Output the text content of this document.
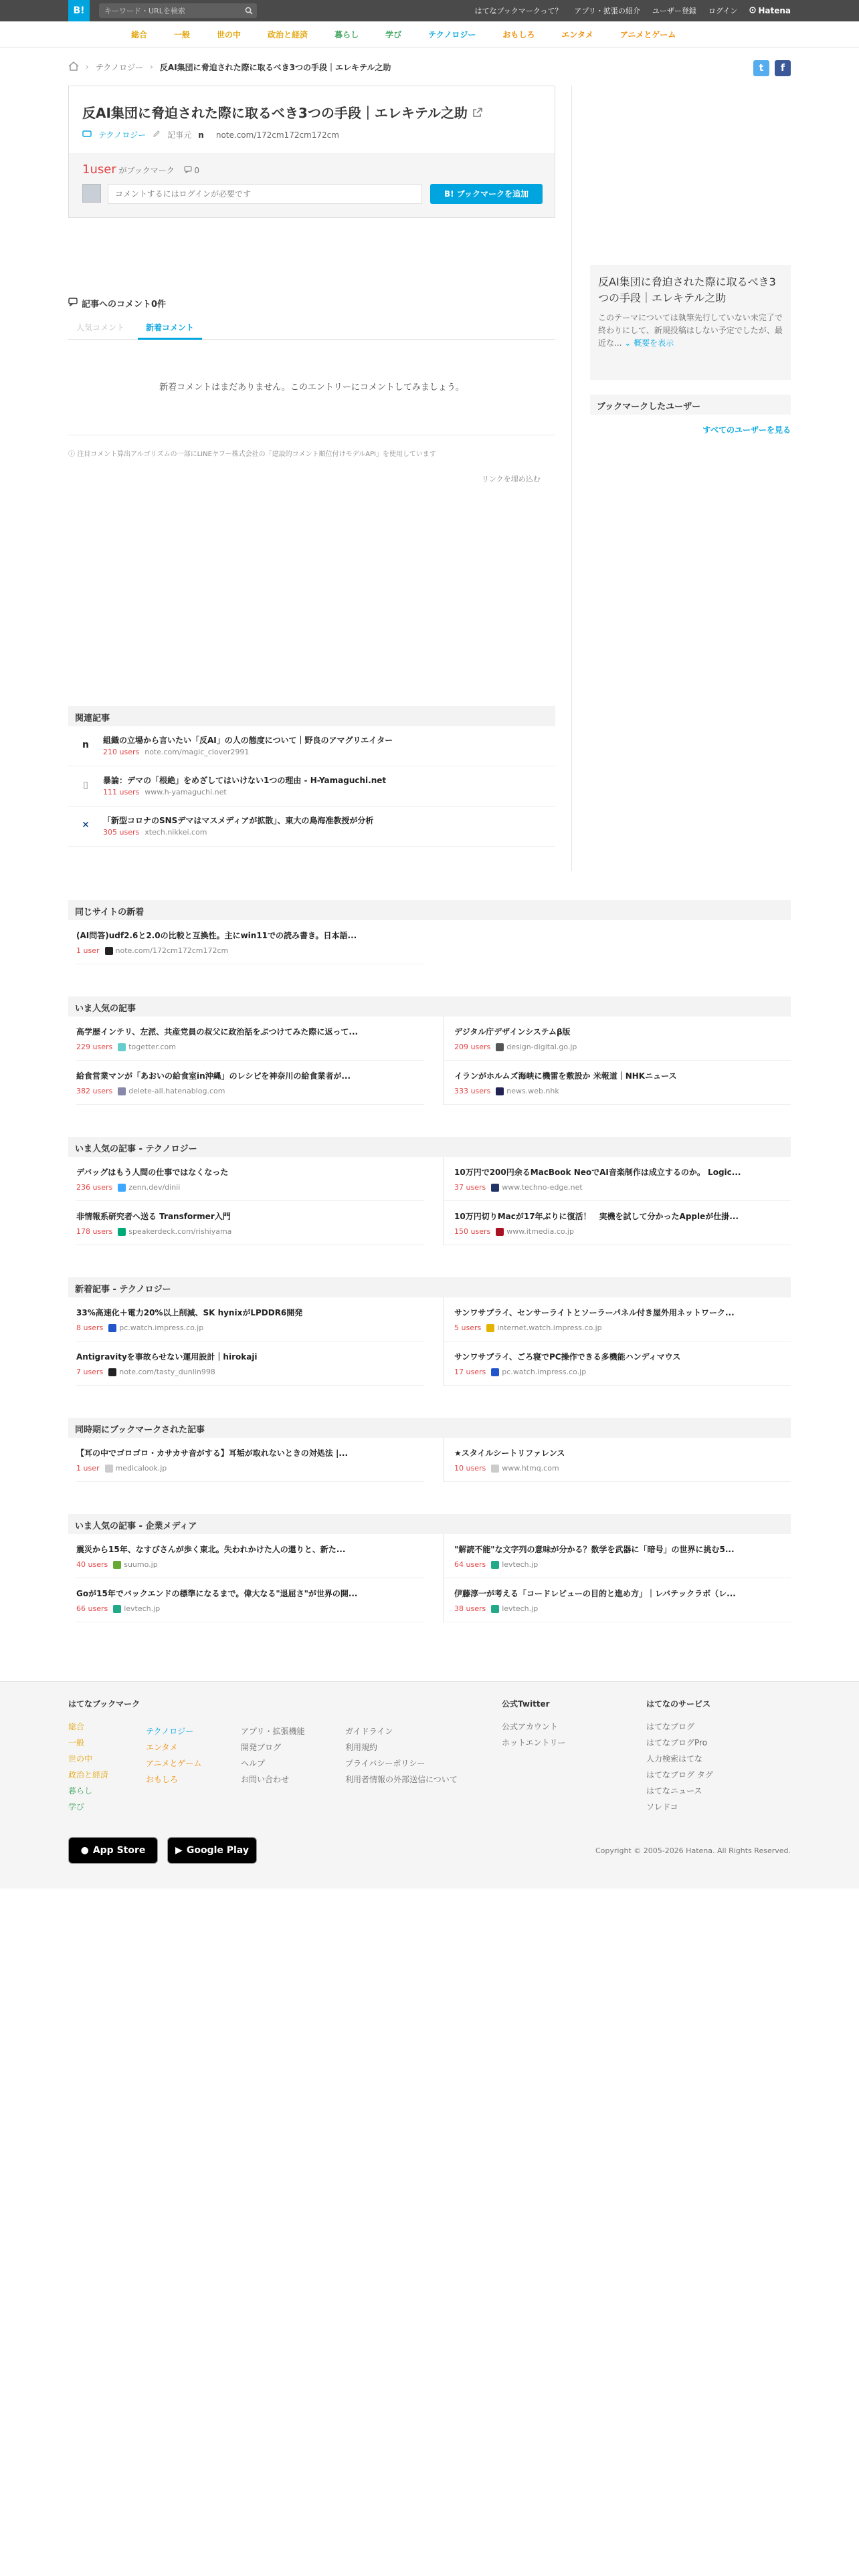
B!
キーワード・URLを検索	はてなブックマークって？ アプリ・拡張の紹介 ユーザー登録 ログイン	Hatena
総合	一般	世の中	政治と経済	暮らし	学び	テクノロジー	おもしろ	エンタメ	アニメとゲーム
› テクノロジー › 反AI集団に脅迫された際に取るべき3つの手段｜エレキテル之助	t	f
反AI集団に脅迫された際に取るべき3つの手段｜エレキテル之助
テクノロジー	記事元 n note.com/172cm172cm172cm
1user がブックマーク 0
コメントするにはログインが必要です
B! ブックマークを追加
反AI集団に脅迫された際に取るべき3つの手段｜エレキテル之助
このテーマについては執筆先行していない未完了で終わりにして、新規投稿はしない予定でしたが、最近な... ⌄ 概要を表示
ブックマークしたユーザー
すべてのユーザーを見る
記事へのコメント0件
人気コメント	新着コメント
新着コメントはまだありません。このエントリーにコメントしてみましょう。
ⓘ 注目コメント算出アルゴリズムの一部にLINEヤフー株式会社の「建設的コメント順位付けモデルAPI」を使用しています
リンクを埋め込む
関連記事
n	組織の立場から言いたい「反AI」の人の態度について｜野良のアマグリエイター
210 users note.com/magic_clover2991
▯	暴論：デマの「根絶」をめざしてはいけない1つの理由 - H-Yamaguchi.net
111 users www.h-yamaguchi.net
✕	「新型コロナのSNSデマはマスメディアが拡散」、東大の鳥海准教授が分析
305 users xtech.nikkei.com
同じサイトの新着
(AI問答)udf2.6と2.0の比較と互換性。主にwin11での読み書き。日本語...
1 user note.com/172cm172cm172cm
いま人気の記事
高学歴インテリ、左派、共産党員の叔父に政治話をぶつけてみた際に返って...
229 users togetter.com
デジタル庁デザインシステムβ版
209 users design-digital.go.jp
給食営業マンが「あおいの給食室in沖縄」のレシピを神奈川の給食業者が...
382 users delete-all.hatenablog.com
イランがホルムズ海峡に機雷を敷設か 米報道｜NHKニュース
333 users news.web.nhk
いま人気の記事 - テクノロジー
デバッグはもう人間の仕事ではなくなった
236 users zenn.dev/dinii
10万円で200円余るMacBook NeoでAI音楽制作は成立するのか。 Logic...
37 users www.techno-edge.net
非情報系研究者へ送る Transformer入門
178 users speakerdeck.com/rishiyama
10万円切りMacが17年ぶりに復活！　実機を試して分かったAppleが仕掛...
150 users www.itmedia.co.jp
新着記事 - テクノロジー
33%高速化＋電力20%以上削減、SK hynixがLPDDR6開発
8 users pc.watch.impress.co.jp
サンワサプライ、センサーライトとソーラーパネル付き屋外用ネットワーク...
5 users internet.watch.impress.co.jp
Antigravityを事故らせない運用設計｜hirokaji
7 users note.com/tasty_dunlin998
サンワサプライ、ごろ寝でPC操作できる多機能ハンディマウス
17 users pc.watch.impress.co.jp
同時期にブックマークされた記事
【耳の中でゴロゴロ・カサカサ音がする】耳垢が取れないときの対処法 |...
1 user medicalook.jp
★スタイルシートリファレンス
10 users www.htmq.com
いま人気の記事 - 企業メディア
震災から15年、なすびさんが歩く東北。失われかけた人の還りと、新た...
40 users suumo.jp
"解読不能"な文字列の意味が分かる？数学を武器に「暗号」の世界に挑む5...
64 users levtech.jp
Goが15年でバックエンドの標準になるまで。偉大なる"退屈さ"が世界の開...
66 users levtech.jp
伊藤淳一が考える「コードレビューの目的と進め方」｜レバテックラボ（レ...
38 users levtech.jp
はてなブックマーク
総合
一般
世の中
政治と経済
暮らし
学び
テクノロジー
エンタメ
アニメとゲーム
おもしろ
アプリ・拡張機能
開発ブログ
ヘルプ
お問い合わせ
ガイドライン
利用規約
プライバシーポリシー
利用者情報の外部送信について
公式Twitter
公式アカウント
ホットエントリー
はてなのサービス
はてなブログ
はてなブログPro
人力検索はてな
はてなブログ タグ
はてなニュース
ソレドコ
● App Store	▶ Google Play	Copyright © 2005-2026 Hatena. All Rights Reserved.
